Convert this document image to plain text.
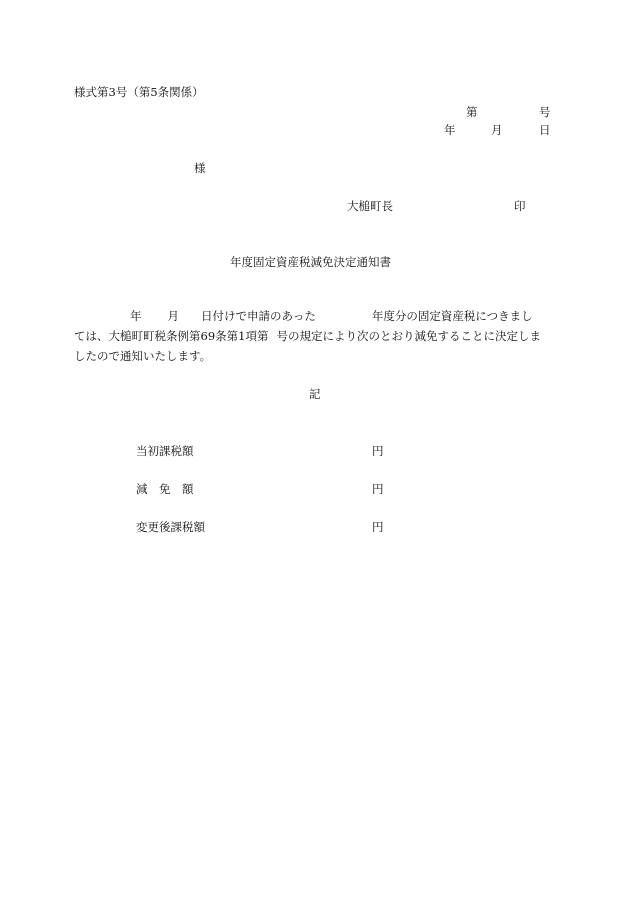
様式第3号（第5条関係）
第	号
年	月	日
様
大槌町長	印
年度固定資産税減免決定通知書
年 月 日付けで申請のあった	年度分の固定資産税につきまし
ては、大槌町町税条例第69条第1項第 号の規定により次のとおり減免することに決定しま
したので通知いたします。
記
当初課税額	円
減　免　額	円
変更後課税額	円
